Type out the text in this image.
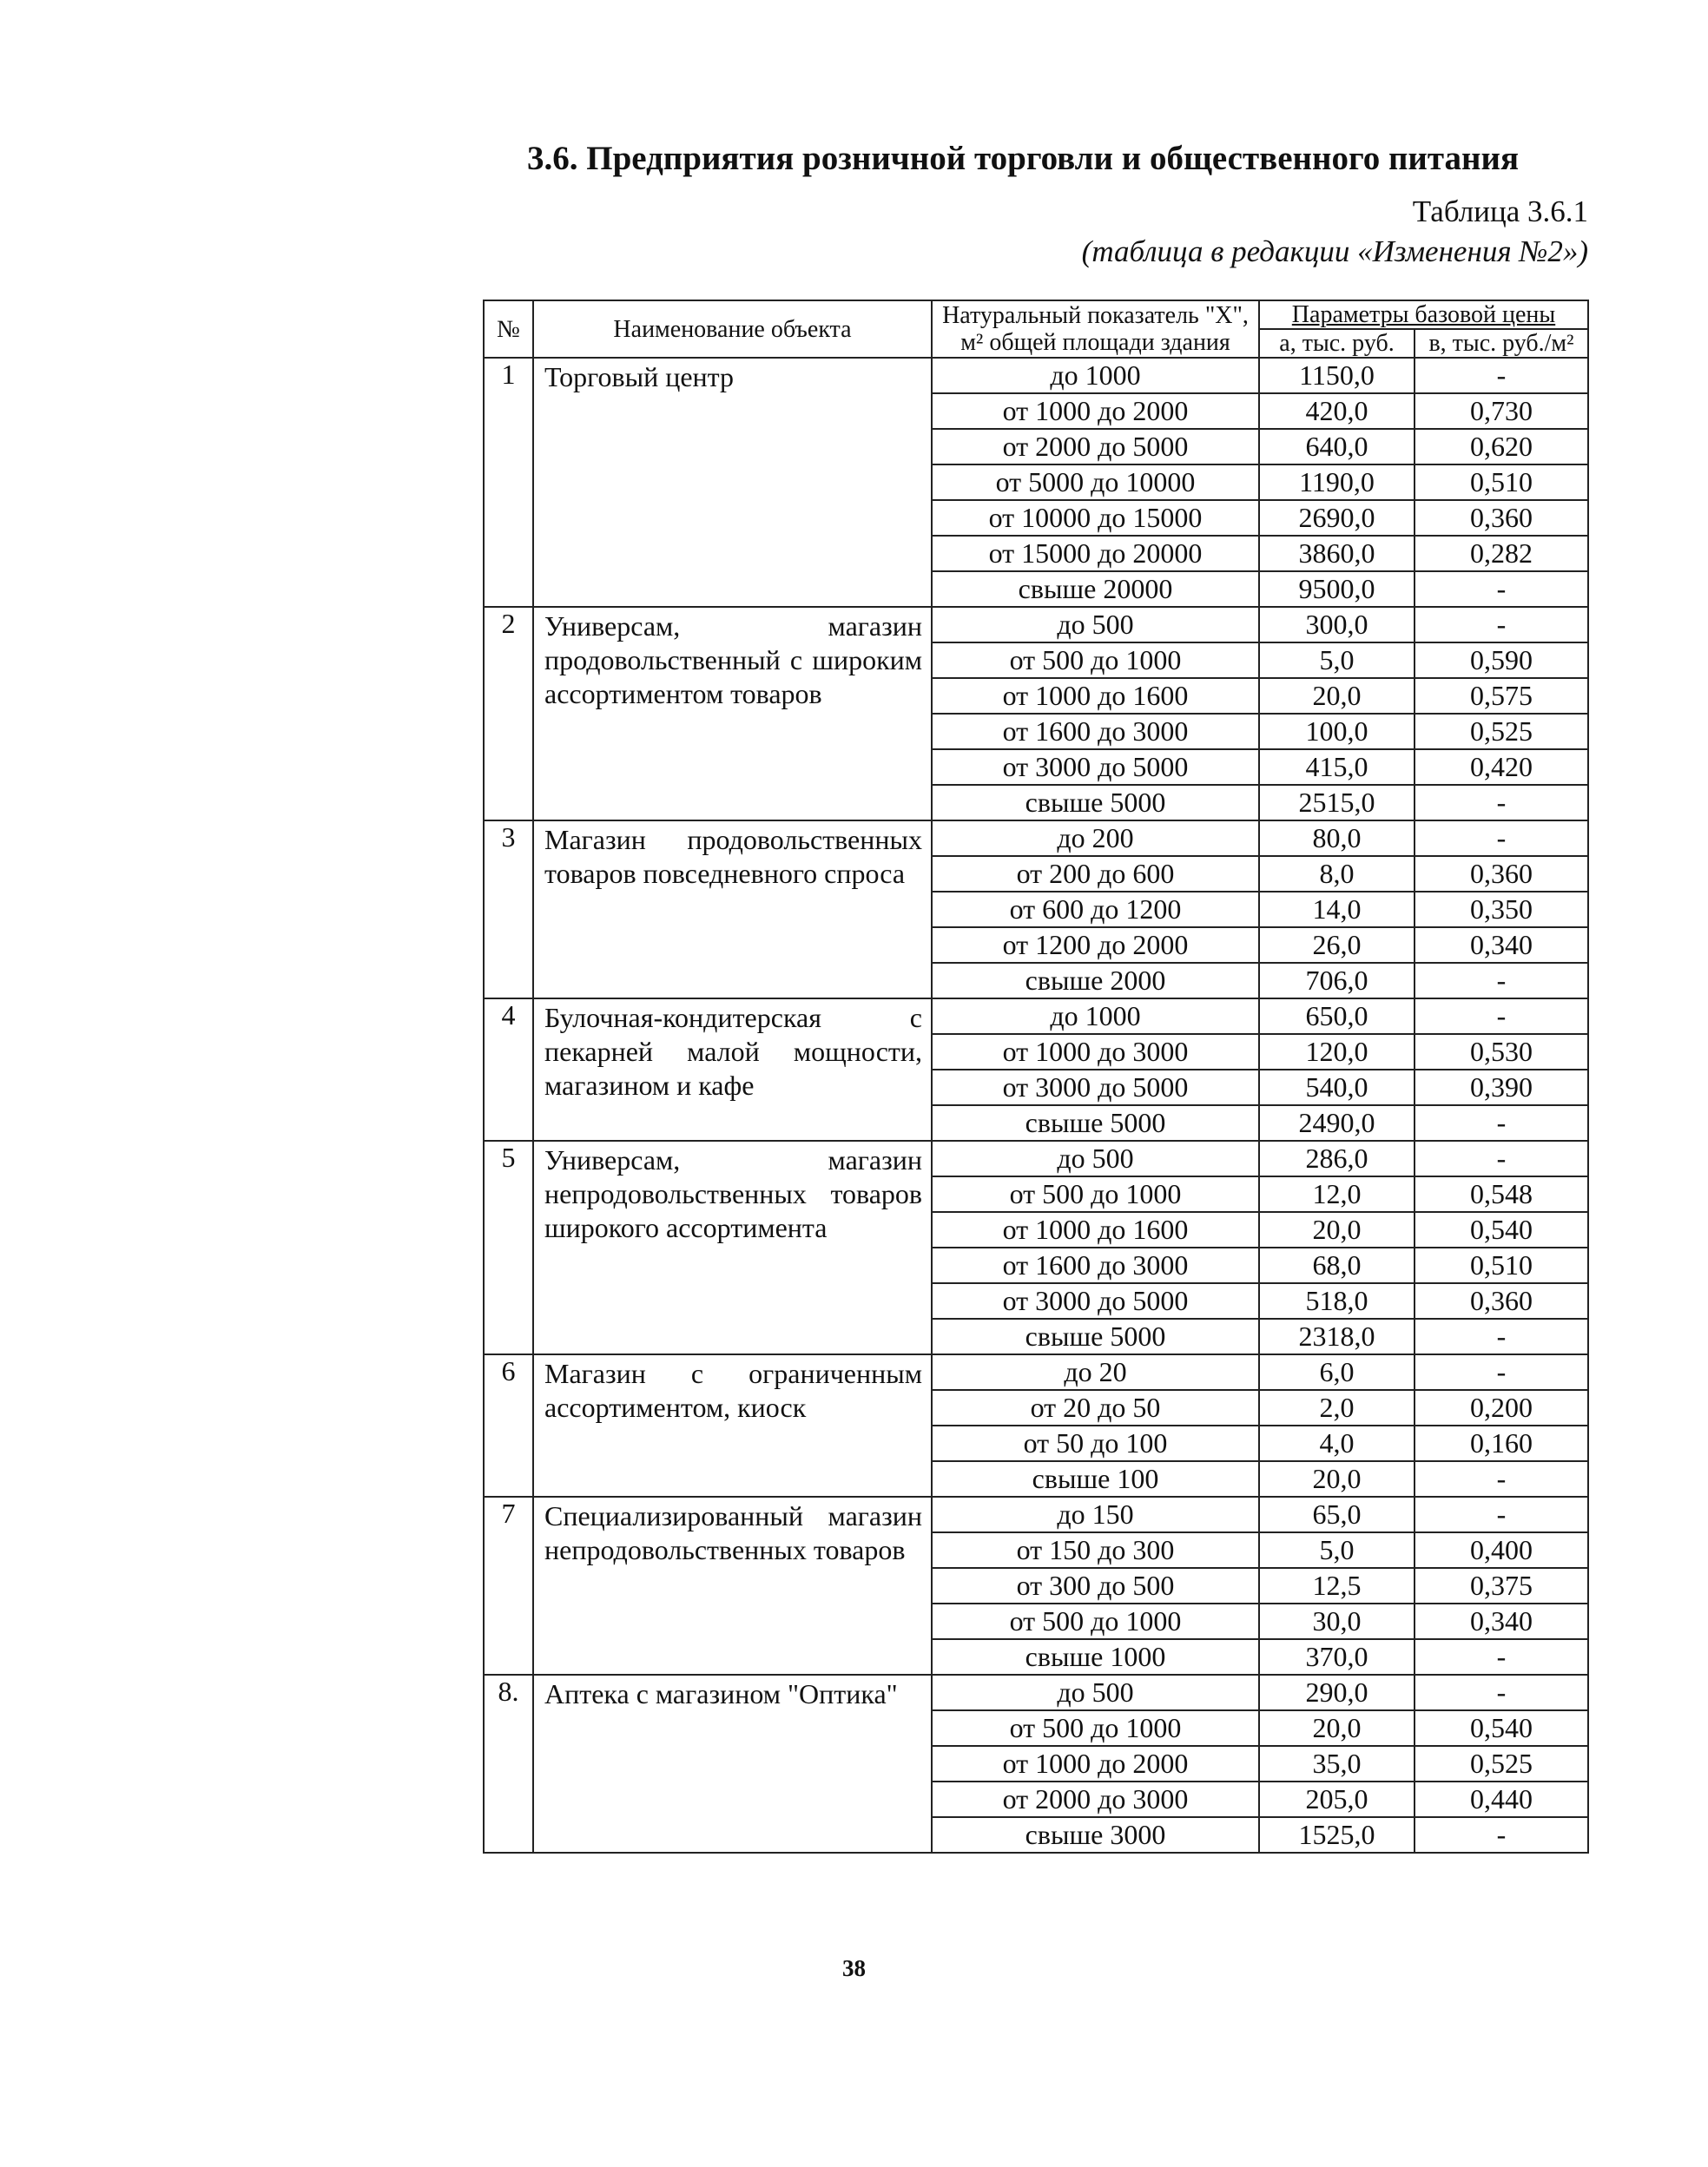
3.6. Предприятия розничной торговли и общественного питания
Таблица 3.6.1
(таблица в редакции «Изменения №2»)
№	Наименование объекта	Натуральный показатель "X", м² общей площади здания	Параметры базовой цены	
			а, тыс. руб.	в, тыс. руб./м²
1	Торговый центр	до 1000	1150,0	-
		от 1000 до 2000	420,0	0,730
		от 2000 до 5000	640,0	0,620
		от 5000 до 10000	1190,0	0,510
		от 10000 до 15000	2690,0	0,360
		от 15000 до 20000	3860,0	0,282
		свыше 20000	9500,0	-
2	Универсам, магазин продовольственный с широким ассортиментом товаров	до 500	300,0	-
		от 500 до 1000	5,0	0,590
		от 1000 до 1600	20,0	0,575
		от 1600 до 3000	100,0	0,525
		от 3000 до 5000	415,0	0,420
		свыше 5000	2515,0	-
3	Магазин продовольственных товаров повседневного спроса	до 200	80,0	-
		от 200 до 600	8,0	0,360
		от 600 до 1200	14,0	0,350
		от 1200 до 2000	26,0	0,340
		свыше 2000	706,0	-
4	Булочная-кондитерская с пекарней малой мощности, магазином и кафе	до 1000	650,0	-
		от 1000 до 3000	120,0	0,530
		от 3000 до 5000	540,0	0,390
		свыше 5000	2490,0	-
5	Универсам, магазин непродовольственных товаров широкого ассортимента	до 500	286,0	-
		от 500 до 1000	12,0	0,548
		от 1000 до 1600	20,0	0,540
		от 1600 до 3000	68,0	0,510
		от 3000 до 5000	518,0	0,360
		свыше 5000	2318,0	-
6	Магазин с ограниченным ассортиментом, киоск	до 20	6,0	-
		от 20 до 50	2,0	0,200
		от 50 до 100	4,0	0,160
		свыше 100	20,0	-
7	Специализированный магазин непродовольственных товаров	до 150	65,0	-
		от 150 до 300	5,0	0,400
		от 300 до 500	12,5	0,375
		от 500 до 1000	30,0	0,340
		свыше 1000	370,0	-
8.	Аптека с магазином "Оптика"	до 500	290,0	-
		от 500 до 1000	20,0	0,540
		от 1000 до 2000	35,0	0,525
		от 2000 до 3000	205,0	0,440
		свыше 3000	1525,0	-
38
